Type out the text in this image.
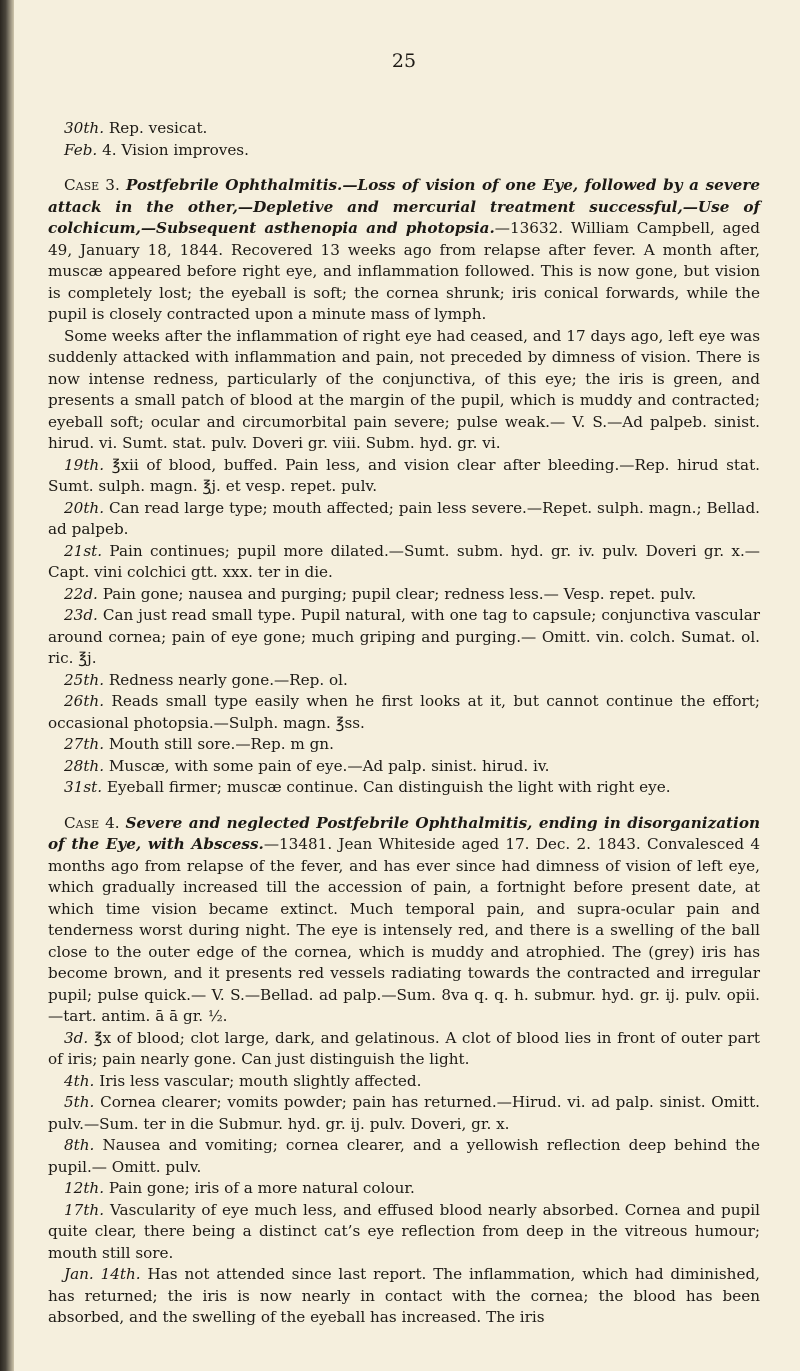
25

30th. Rep. vesicat.

Feb. 4. Vision improves.

Case 3. Postfebrile Ophthalmitis.—Loss of vision of one Eye, followed by a severe attack in the other,—Depletive and mercurial treatment successful,—Use of colchicum,—Subsequent asthenopia and photopsia.—13632. William Campbell, aged 49, January 18, 1844. Recovered 13 weeks ago from relapse after fever. A month after, muscæ appeared before right eye, and inflammation followed. This is now gone, but vision is completely lost; the eyeball is soft; the cornea shrunk; iris conical forwards, while the pupil is closely contracted upon a minute mass of lymph.

Some weeks after the inflammation of right eye had ceased, and 17 days ago, left eye was suddenly attacked with inflammation and pain, not preceded by dimness of vision. There is now intense redness, particularly of the conjunctiva, of this eye; the iris is green, and presents a small patch of blood at the margin of the pupil, which is muddy and contracted; eyeball soft; ocular and circumorbital pain severe; pulse weak.— V. S.—Ad palpeb. sinist. hirud. vi. Sumt. stat. pulv. Doveri gr. viii. Subm. hyd. gr. vi.

19th. ℥xii of blood, buffed. Pain less, and vision clear after bleeding.—Rep. hirud stat. Sumt. sulph. magn. ℥j. et vesp. repet. pulv.

20th. Can read large type; mouth affected; pain less severe.—Repet. sulph. magn.; Bellad. ad palpeb.

21st. Pain continues; pupil more dilated.—Sumt. subm. hyd. gr. iv. pulv. Doveri gr. x.— Capt. vini colchici gtt. xxx. ter in die.

22d. Pain gone; nausea and purging; pupil clear; redness less.— Vesp. repet. pulv.

23d. Can just read small type. Pupil natural, with one tag to capsule; conjunctiva vascular around cornea; pain of eye gone; much griping and purging.— Omitt. vin. colch. Sumat. ol. ric. ℥j.

25th. Redness nearly gone.—Rep. ol.

26th. Reads small type easily when he first looks at it, but cannot continue the effort; occasional photopsia.—Sulph. magn. ℥ss.

27th. Mouth still sore.—Rep. m gn.

28th. Muscæ, with some pain of eye.—Ad palp. sinist. hirud. iv.

31st. Eyeball firmer; muscæ continue. Can distinguish the light with right eye.

Case 4. Severe and neglected Postfebrile Ophthalmitis, ending in disorganization of the Eye, with Abscess.—13481. Jean Whiteside aged 17. Dec. 2. 1843. Convalesced 4 months ago from relapse of the fever, and has ever since had dimness of vision of left eye, which gradually increased till the accession of pain, a fortnight before present date, at which time vision became extinct. Much temporal pain, and supra-ocular pain and tenderness worst during night. The eye is intensely red, and there is a swelling of the ball close to the outer edge of the cornea, which is muddy and atrophied. The (grey) iris has become brown, and it presents red vessels radiating towards the contracted and irregular pupil; pulse quick.— V. S.—Bellad. ad palp.—Sum. 8va q. q. h. submur. hyd. gr. ij. pulv. opii.—tart. antim. ā ā gr. ½.

3d. ℥x of blood; clot large, dark, and gelatinous. A clot of blood lies in front of outer part of iris; pain nearly gone. Can just distinguish the light.

4th. Iris less vascular; mouth slightly affected.

5th. Cornea clearer; vomits powder; pain has returned.—Hirud. vi. ad palp. sinist. Omitt. pulv.—Sum. ter in die Submur. hyd. gr. ij. pulv. Doveri, gr. x.

8th. Nausea and vomiting; cornea clearer, and a yellowish reflection deep behind the pupil.— Omitt. pulv.

12th. Pain gone; iris of a more natural colour.

17th. Vascularity of eye much less, and effused blood nearly absorbed. Cornea and pupil quite clear, there being a distinct cat’s eye reflection from deep in the vitreous humour; mouth still sore.

Jan. 14th. Has not attended since last report. The inflammation, which had diminished, has returned; the iris is now nearly in contact with the cornea; the blood has been absorbed, and the swelling of the eyeball has increased. The iris
